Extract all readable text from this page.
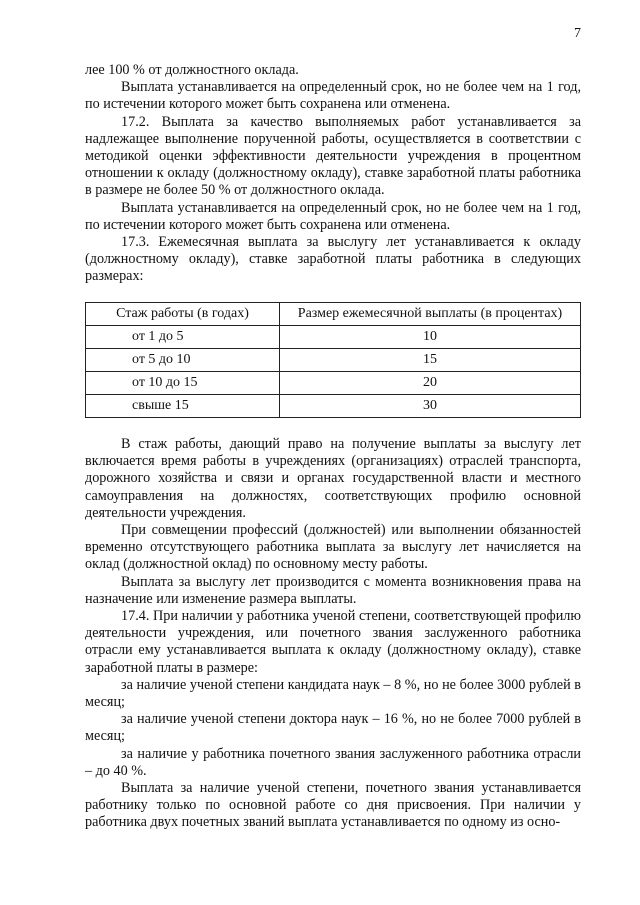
7

лее 100 % от должностного оклада.

Выплата устанавливается на определенный срок, но не более чем на 1 год, по истечении которого может быть сохранена или отменена.

17.2. Выплата за качество выполняемых работ устанавливается за надлежащее выполнение порученной работы, осуществляется в соответствии с методикой оценки эффективности деятельности учреждения в процентном отношении к окладу (должностному окладу), ставке заработной платы работника в размере не более 50 % от должностного оклада.

Выплата устанавливается на определенный срок, но не более чем на 1 год, по истечении которого может быть сохранена или отменена.

17.3. Ежемесячная выплата за выслугу лет устанавливается к окладу (должностному окладу), ставке заработной платы работника в следующих размерах:

Стаж работы (в годах)	Размер ежемесячной выплаты (в процентах)
от 1 до 5	10
от 5 до 10	15
от 10 до 15	20
свыше 15	30

В стаж работы, дающий право на получение выплаты за выслугу лет включается время работы в учреждениях (организациях) отраслей транспорта, дорожного хозяйства и связи и органах государственной власти и местного самоуправления на должностях, соответствующих профилю основной деятельности учреждения.

При совмещении профессий (должностей) или выполнении обязанностей временно отсутствующего работника выплата за выслугу лет начисляется на оклад (должностной оклад) по основному месту работы.

Выплата за выслугу лет производится с момента возникновения права на назначение или изменение размера выплаты.

17.4. При наличии у работника ученой степени, соответствующей профилю деятельности учреждения, или почетного звания заслуженного работника отрасли ему устанавливается выплата к окладу (должностному окладу), ставке заработной платы в размере:

за наличие ученой степени кандидата наук – 8 %, но не более 3000 рублей в месяц;

за наличие ученой степени доктора наук – 16 %, но не более 7000 рублей в месяц;

за наличие у работника почетного звания заслуженного работника отрасли – до 40 %.

Выплата за наличие ученой степени, почетного звания устанавливается работнику только по основной работе со дня присвоения. При наличии у работника двух почетных званий выплата устанавливается по одному из осно-
